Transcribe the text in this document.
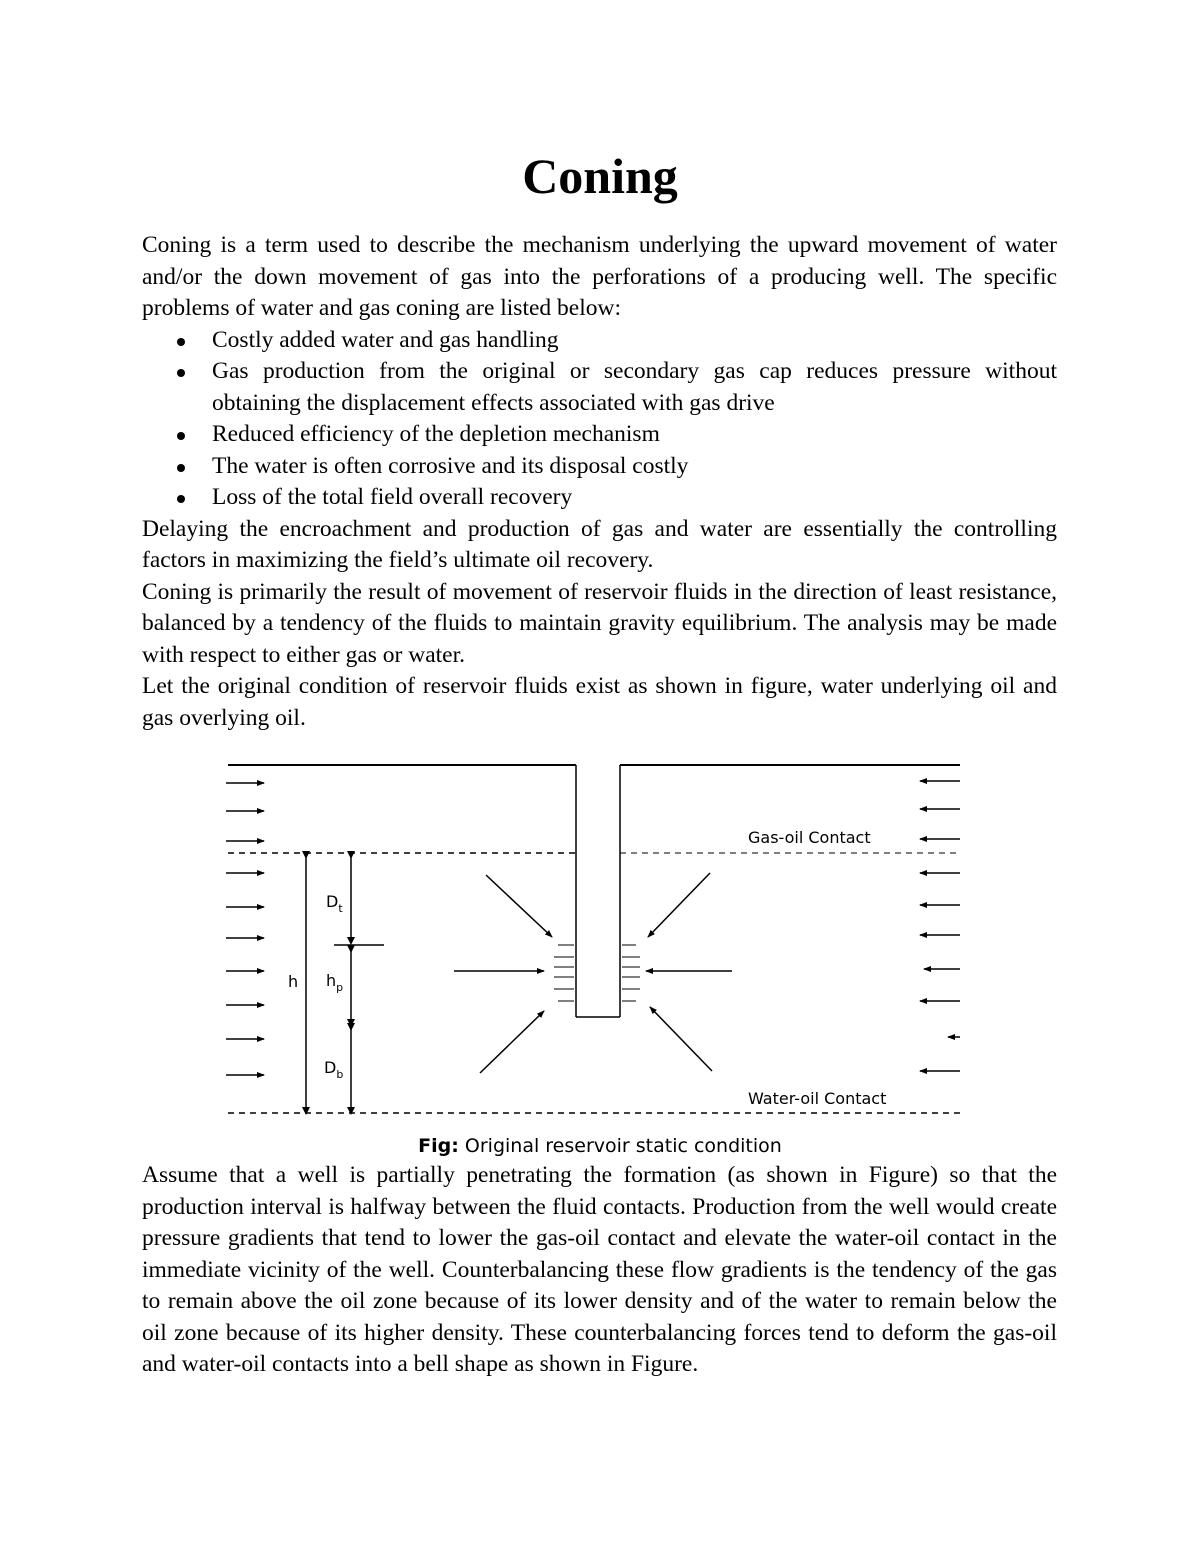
Coning

Coning is a term used to describe the mechanism underlying the upward movement of water and/or the down movement of gas into the perforations of a producing well. The specific problems of water and gas coning are listed below:

Costly added water and gas handling
Gas production from the original or secondary gas cap reduces pressure without obtaining the displacement effects associated with gas drive
Reduced efficiency of the depletion mechanism
The water is often corrosive and its disposal costly
Loss of the total field overall recovery

Delaying the encroachment and production of gas and water are essentially the controlling factors in maximizing the field’s ultimate oil recovery.

Coning is primarily the result of movement of reservoir fluids in the direction of least resistance, balanced by a tendency of the fluids to maintain gravity equilibrium. The analysis may be made with respect to either gas or water.

Let the original condition of reservoir fluids exist as shown in figure, water underlying oil and gas overlying oil.

Gas-oil Contact
Water-oil Contact
h
$D_t$
$h_p$
$D_b$
Fig: Original reservoir static condition

Assume that a well is partially penetrating the formation (as shown in Figure) so that the production interval is halfway between the fluid contacts. Production from the well would create pressure gradients that tend to lower the gas-oil contact and elevate the water-oil contact in the immediate vicinity of the well. Counterbalancing these flow gradients is the tendency of the gas to remain above the oil zone because of its lower density and of the water to remain below the oil zone because of its higher density. These counterbalancing forces tend to deform the gas-oil and water-oil contacts into a bell shape as shown in Figure.
